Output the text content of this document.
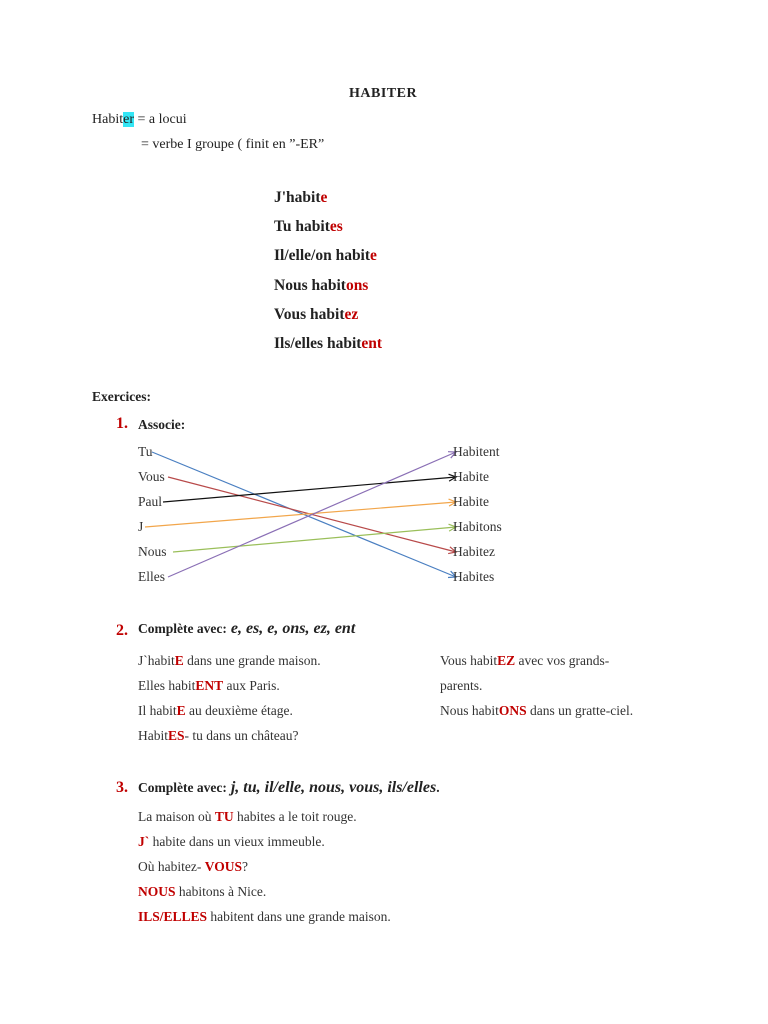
HABITER
Habiter = a locui
= verbe I groupe ( finit en ”-ER”
J'habite
Tu habites
Il/elle/on habite
Nous habitons
Vous habitez
Ils/elles habitent
Exercices:
1. Associe:
Tu
Vous
Paul
J
Nous
Elles
Habitent
Habite
Habite
Habitons
Habitez
Habites
2. Complète avec: e, es, e, ons, ez, ent
J`habitE dans une grande maison.
Elles habitENT aux Paris.
Il habitE au deuxième étage.
HabitES- tu dans un château?
Vous habitEZ avec vos grands-
parents.
Nous habitONS dans un gratte-ciel.
3. Complète avec: j, tu, il/elle, nous, vous, ils/elles.
La maison où TU habites a le toit rouge.
J` habite dans un vieux immeuble.
Où habitez- VOUS?
NOUS habitons à Nice.
ILS/ELLES habitent dans une grande maison.
